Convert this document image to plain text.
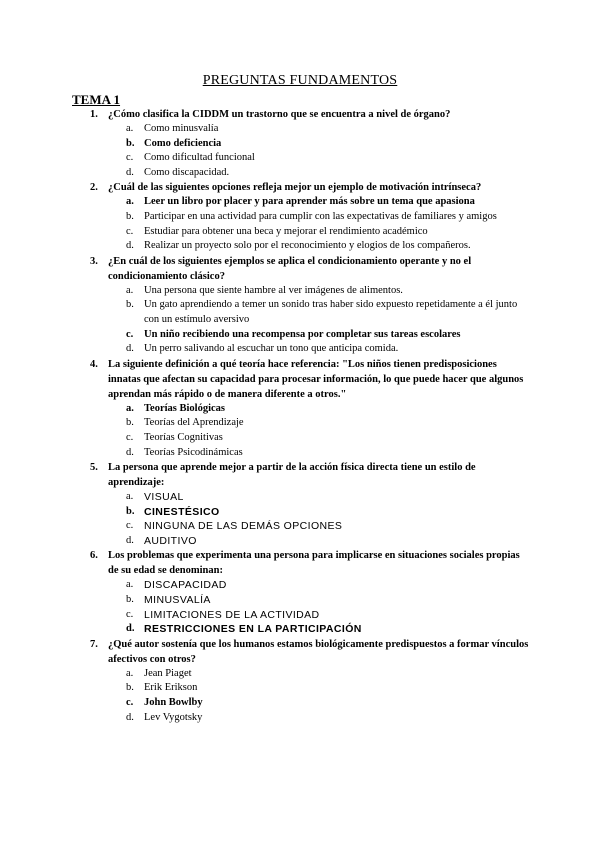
PREGUNTAS FUNDAMENTOS
TEMA 1
1. ¿Cómo clasifica la CIDDM un trastorno que se encuentra a nivel de órgano?

a. Como minusvalía
b. Como deficiencia
c. Como dificultad funcional
d. Como discapacidad.
2. ¿Cuál de las siguientes opciones refleja mejor un ejemplo de motivación intrínseca?

a. Leer un libro por placer y para aprender más sobre un tema que apasiona
b. Participar en una actividad para cumplir con las expectativas de familiares y amigos
c. Estudiar para obtener una beca y mejorar el rendimiento académico
d. Realizar un proyecto solo por el reconocimiento y elogios de los compañeros.
3. ¿En cuál de los siguientes ejemplos se aplica el condicionamiento operante y no el condicionamiento clásico?

a. Una persona que siente hambre al ver imágenes de alimentos.
b. Un gato aprendiendo a temer un sonido tras haber sido expuesto repetidamente a él junto con un estímulo aversivo
c. Un niño recibiendo una recompensa por completar sus tareas escolares
d. Un perro salivando al escuchar un tono que anticipa comida.
4. La siguiente definición a qué teoría hace referencia: "Los niños tienen predisposiciones innatas que afectan su capacidad para procesar información, lo que puede hacer que algunos aprendan más rápido o de manera diferente a otros."

a. Teorías Biológicas
b. Teorías del Aprendizaje
c. Teorías Cognitivas
d. Teorías Psicodinámicas
5. La persona que aprende mejor a partir de la acción física directa tiene un estilo de aprendizaje:

a. VISUAL
b. CINESTÉSICO
c. NINGUNA DE LAS DEMÁS OPCIONES
d. AUDITIVO
6. Los problemas que experimenta una persona para implicarse en situaciones sociales propias de su edad se denominan:

a. DISCAPACIDAD
b. MINUSVALÍA
c. LIMITACIONES DE LA ACTIVIDAD
d. RESTRICCIONES EN LA PARTICIPACIÓN
7. ¿Qué autor sostenía que los humanos estamos biológicamente predispuestos a formar vínculos afectivos con otros?

a. Jean Piaget
b. Erik Erikson
c. John Bowlby
d. Lev Vygotsky
